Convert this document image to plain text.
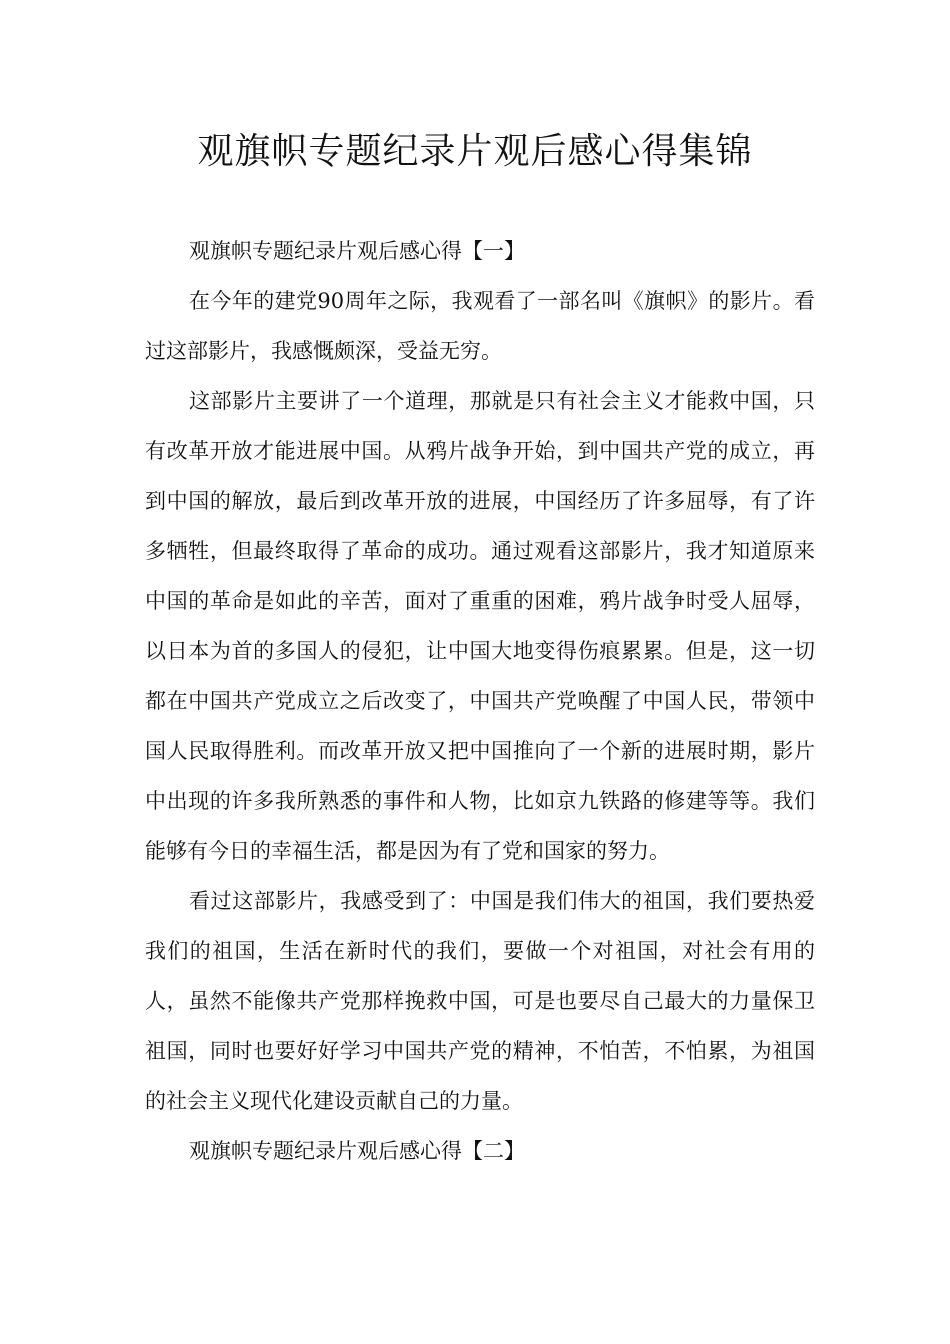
观旗帜专题纪录片观后感心得集锦

观旗帜专题纪录片观后感心得【一】

在今年的建党90周年之际，我观看了一部名叫《旗帜》的影片。看过这部影片，我感慨颇深，受益无穷。

这部影片主要讲了一个道理，那就是只有社会主义才能救中国，只有改革开放才能进展中国。从鸦片战争开始，到中国共产党的成立，再到中国的解放，最后到改革开放的进展，中国经历了许多屈辱，有了许多牺牲，但最终取得了革命的成功。通过观看这部影片，我才知道原来中国的革命是如此的辛苦，面对了重重的困难，鸦片战争时受人屈辱，以日本为首的多国人的侵犯，让中国大地变得伤痕累累。但是，这一切都在中国共产党成立之后改变了，中国共产党唤醒了中国人民，带领中国人民取得胜利。而改革开放又把中国推向了一个新的进展时期，影片中出现的许多我所熟悉的事件和人物，比如京九铁路的修建等等。我们能够有今日的幸福生活，都是因为有了党和国家的努力。

看过这部影片，我感受到了：中国是我们伟大的祖国，我们要热爱我们的祖国，生活在新时代的我们，要做一个对祖国，对社会有用的人，虽然不能像共产党那样挽救中国，可是也要尽自己最大的力量保卫祖国，同时也要好好学习中国共产党的精神，不怕苦，不怕累，为祖国的社会主义现代化建设贡献自己的力量。

观旗帜专题纪录片观后感心得【二】
